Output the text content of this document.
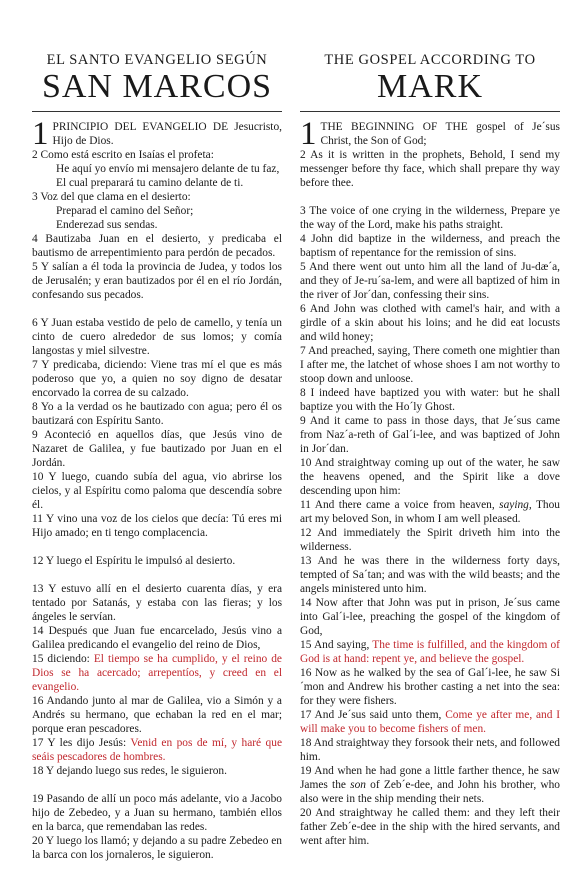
EL SANTO EVANGELIO SEGÚN
SAN MARCOS

1 PRINCIPIO DEL EVANGELIO DE Jesucristo, Hijo de Dios.

2 Como está escrito en Isaías el profeta:

He aquí yo envío mi mensajero delante de tu faz,

El cual preparará tu camino delante de ti.

3 Voz del que clama en el desierto:

Preparad el camino del Señor;

Enderezad sus sendas.

4 Bautizaba Juan en el desierto, y predicaba el bautismo de arrepentimiento para perdón de pecados.

5 Y salían a él toda la provincia de Judea, y todos los de Jerusalén; y eran bautizados por él en el río Jordán, confesando sus pecados.

6 Y Juan estaba vestido de pelo de camello, y tenía un cinto de cuero alrededor de sus lomos; y comía langostas y miel silvestre.

7 Y predicaba, diciendo: Viene tras mí el que es más poderoso que yo, a quien no soy digno de desatar encorvado la correa de su calzado.

8 Yo a la verdad os he bautizado con agua; pero él os bautizará con Espíritu Santo.

9 Aconteció en aquellos días, que Jesús vino de Nazaret de Galilea, y fue bautizado por Juan en el Jordán.

10 Y luego, cuando subía del agua, vio abrirse los cielos, y al Espíritu como paloma que descendía sobre él.

11 Y vino una voz de los cielos que decía: Tú eres mi Hijo amado; en ti tengo complacencia.

12 Y luego el Espíritu le impulsó al desierto.

13 Y estuvo allí en el desierto cuarenta días, y era tentado por Satanás, y estaba con las fieras; y los ángeles le servían.

14 Después que Juan fue encarcelado, Jesús vino a Galilea predicando el evangelio del reino de Dios,

15 diciendo: El tiempo se ha cumplido, y el reino de Dios se ha acercado; arrepentíos, y creed en el evangelio.

16 Andando junto al mar de Galilea, vio a Simón y a Andrés su hermano, que echaban la red en el mar; porque eran pescadores.

17 Y les dijo Jesús: Venid en pos de mí, y haré que seáis pescadores de hombres.

18 Y dejando luego sus redes, le siguieron.

19 Pasando de allí un poco más adelante, vio a Jacobo hijo de Zebedeo, y a Juan su hermano, también ellos en la barca, que remendaban las redes.

20 Y luego los llamó; y dejando a su padre Zebedeo en la barca con los jornaleros, le siguieron.

THE GOSPEL ACCORDING TO
MARK

1 THE BEGINNING OF THE gospel of Je´sus Christ, the Son of God;

2 As it is written in the prophets, Behold, I send my messenger before thy face, which shall prepare thy way before thee.

3 The voice of one crying in the wilderness, Prepare ye the way of the Lord, make his paths straight.

4 John did baptize in the wilderness, and preach the baptism of repentance for the remission of sins.

5 And there went out unto him all the land of Ju-dæ´a, and they of Je-ru´sa-lem, and were all baptized of him in the river of Jor´dan, confessing their sins.

6 And John was clothed with camel's hair, and with a girdle of a skin about his loins; and he did eat locusts and wild honey;

7 And preached, saying, There cometh one mightier than I after me, the latchet of whose shoes I am not worthy to stoop down and unloose.

8 I indeed have baptized you with water: but he shall baptize you with the Ho´ly Ghost.

9 And it came to pass in those days, that Je´sus came from Naz´a-reth of Gal´i-lee, and was baptized of John in Jor´dan.

10 And straightway coming up out of the water, he saw the heavens opened, and the Spirit like a dove descending upon him:

11 And there came a voice from heaven, saying, Thou art my beloved Son, in whom I am well pleased.

12 And immediately the Spirit driveth him into the wilderness.

13 And he was there in the wilderness forty days, tempted of Sa´tan; and was with the wild beasts; and the angels ministered unto him.

14 Now after that John was put in prison, Je´sus came into Gal´i-lee, preaching the gospel of the kingdom of God,

15 And saying, The time is fulfilled, and the kingdom of God is at hand: repent ye, and believe the gospel.

16 Now as he walked by the sea of Gal´i-lee, he saw Si´mon and Andrew his brother casting a net into the sea: for they were fishers.

17 And Je´sus said unto them, Come ye after me, and I will make you to become fishers of men.

18 And straightway they forsook their nets, and followed him.

19 And when he had gone a little farther thence, he saw James the son of Zeb´e-dee, and John his brother, who also were in the ship mending their nets.

20 And straightway he called them: and they left their father Zeb´e-dee in the ship with the hired servants, and went after him.
